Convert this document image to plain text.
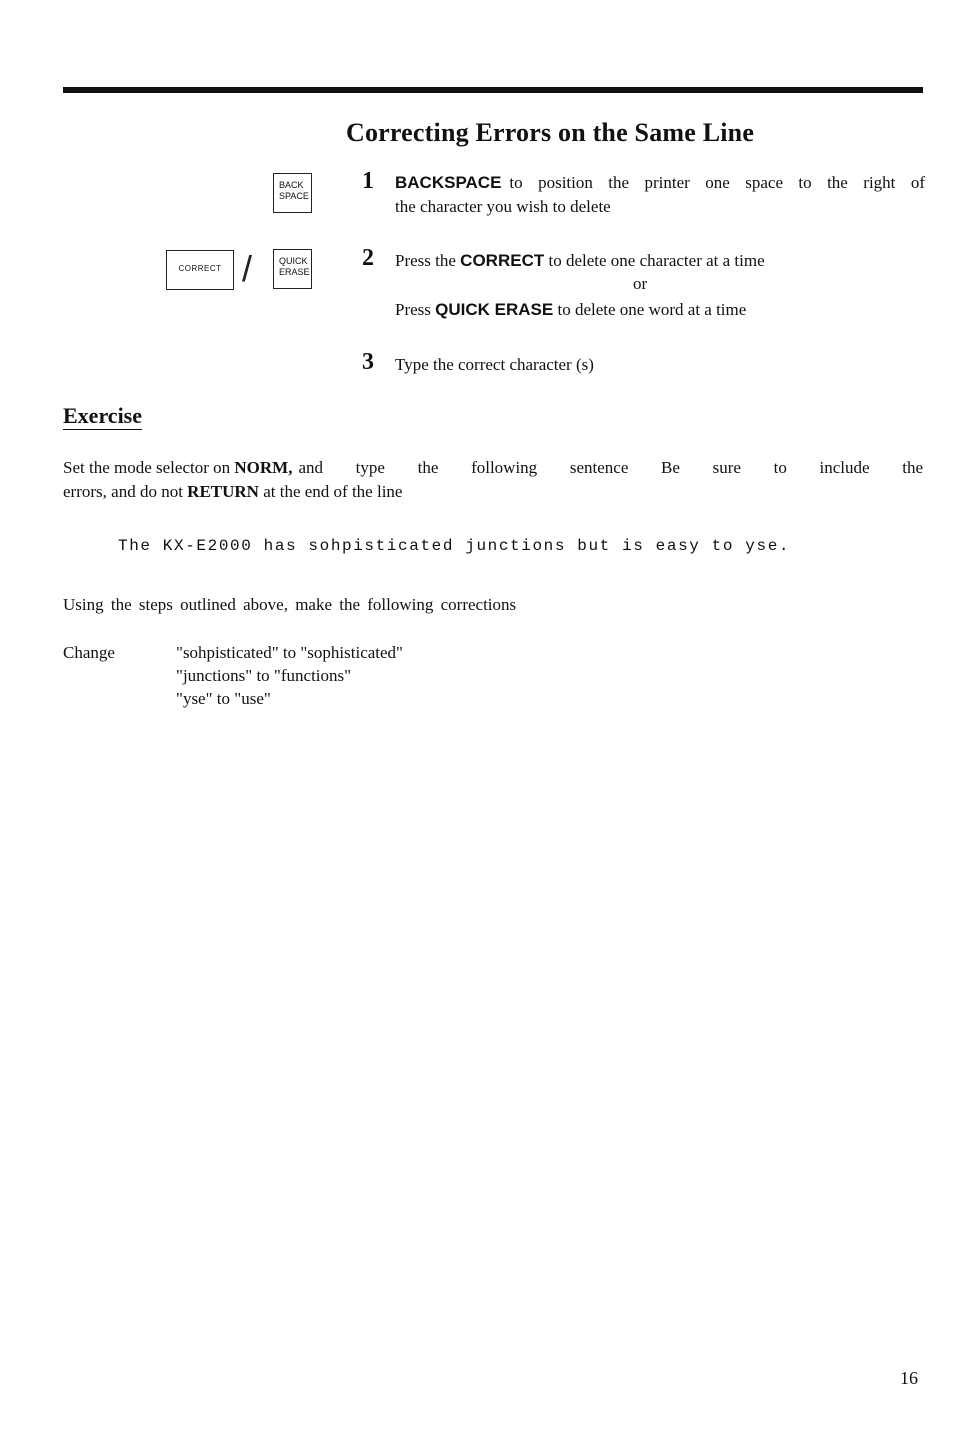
Correcting Errors on the Same Line
BACK
SPACE
CORRECT /	QUICK
ERASE
1 BACKSPACE to position the printer one space to the right of
the character you wish to delete
2 Press the CORRECT to delete one character at a time
or
Press QUICK ERASE to delete one word at a time
3 Type the correct character (s)
Exercise
Set the mode selector on NORM, and type the following sentence Be sure to include the
errors, and do not RETURN at the end of the line
The KX-E2000 has sohpisticated junctions but is easy to yse.
Using the steps outlined above, make the following corrections
Change	"sohpisticated" to "sophisticated"
"junctions" to "functions"
"yse" to "use"
16
